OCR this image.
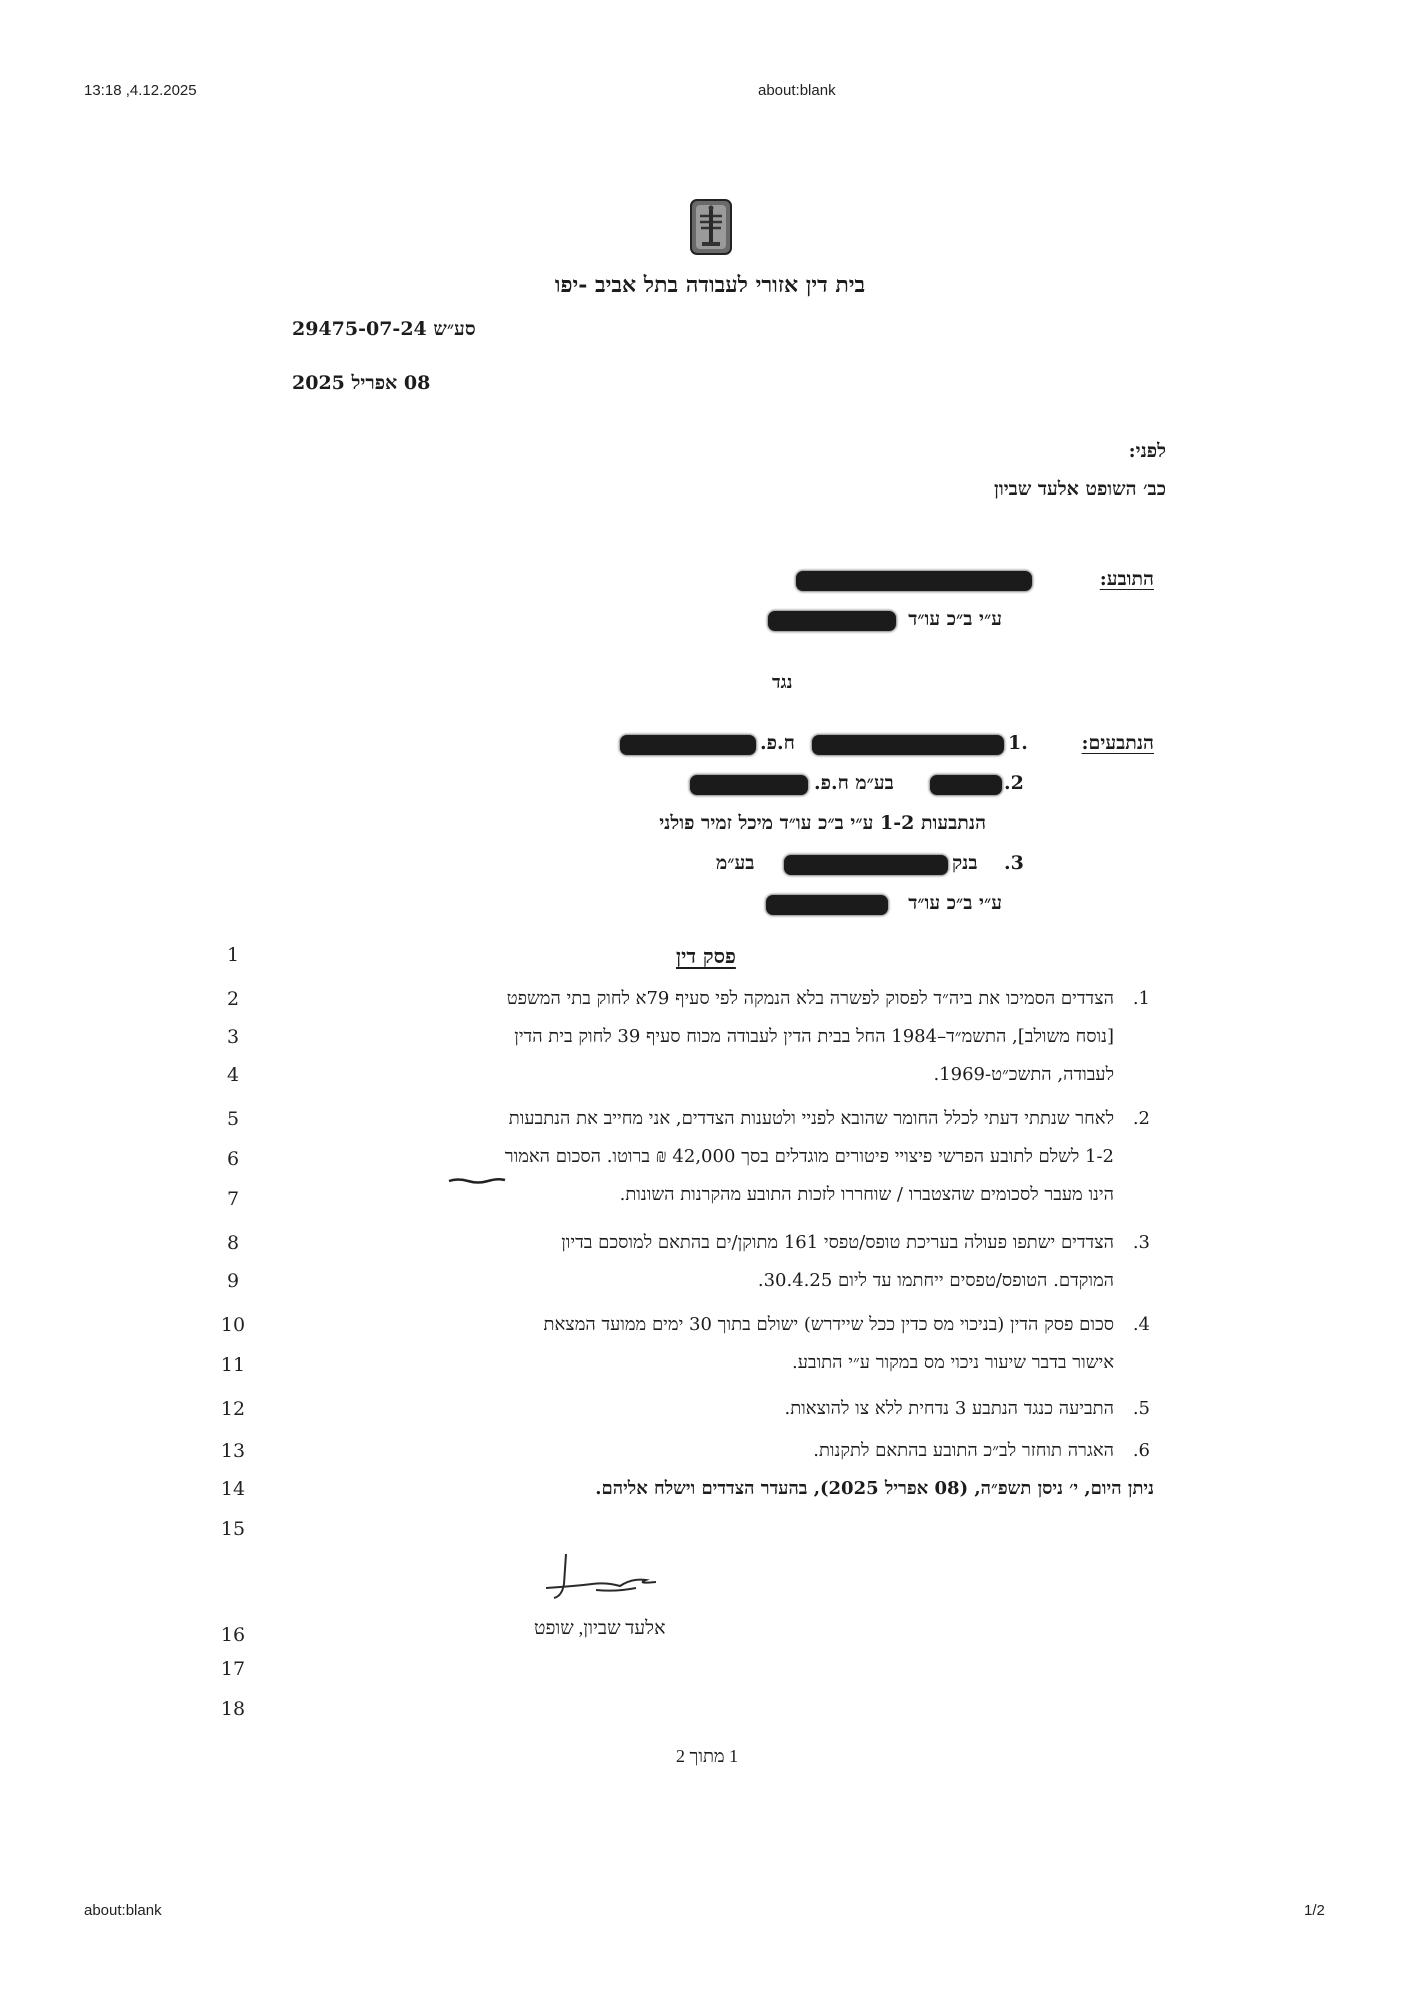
13:18 ,4.12.2025	about:blank
about:blank	1/2
בית דין אזורי לעבודה בתל אביב -יפו
29475-07-24 סע״ש
08 אפריל 2025
לפני:
כב׳ השופט אלעד שביון
התובע:
ע״י ב״כ עו״ד
נגד
הנתבעים:
1.
ח.פ.
.2
בע״מ ח.פ.
הנתבעות 1-2 ע״י ב״כ עו״ד מיכל זמיר פולני
.3
בנק
בע״מ
ע״י ב״כ עו״ד
פסק דין
1
2
3
4
5
6
7
8
9
10
11
12
13
14
15
16
17
18
.1
הצדדים הסמיכו את ביה״ד לפסוק לפשרה בלא הנמקה לפי סעיף 79א לחוק בתי המשפט
[נוסח משולב], התשמ״ד–1984 החל בבית הדין לעבודה מכוח סעיף 39 לחוק בית הדין
לעבודה, התשכ״ט-1969.
.2
לאחר שנתתי דעתי לכלל החומר שהובא לפניי ולטענות הצדדים, אני מחייב את הנתבעות
1-2 לשלם לתובע הפרשי פיצויי פיטורים מוגדלים בסך 42,000 ₪ ברוטו. הסכום האמור
הינו מעבר לסכומים שהצטברו / שוחררו לזכות התובע מהקרנות השונות.
.3
הצדדים ישתפו פעולה בעריכת טופס/טפסי 161 מתוקן/ים בהתאם למוסכם בדיון
המוקדם. הטופס/טפסים ייחתמו עד ליום 30.4.25.
.4
סכום פסק הדין (בניכוי מס כדין ככל שיידרש) ישולם בתוך 30 ימים ממועד המצאת
אישור בדבר שיעור ניכוי מס במקור ע״י התובע.
.5
התביעה כנגד הנתבע 3 נדחית ללא צו להוצאות.
.6
האגרה תוחזר לב״כ התובע בהתאם לתקנות.
ניתן היום, י׳ ניסן תשפ״ה, (08 אפריל 2025), בהעדר הצדדים וישלח אליהם.
אלעד שביון, שופט
1 מתוך 2
